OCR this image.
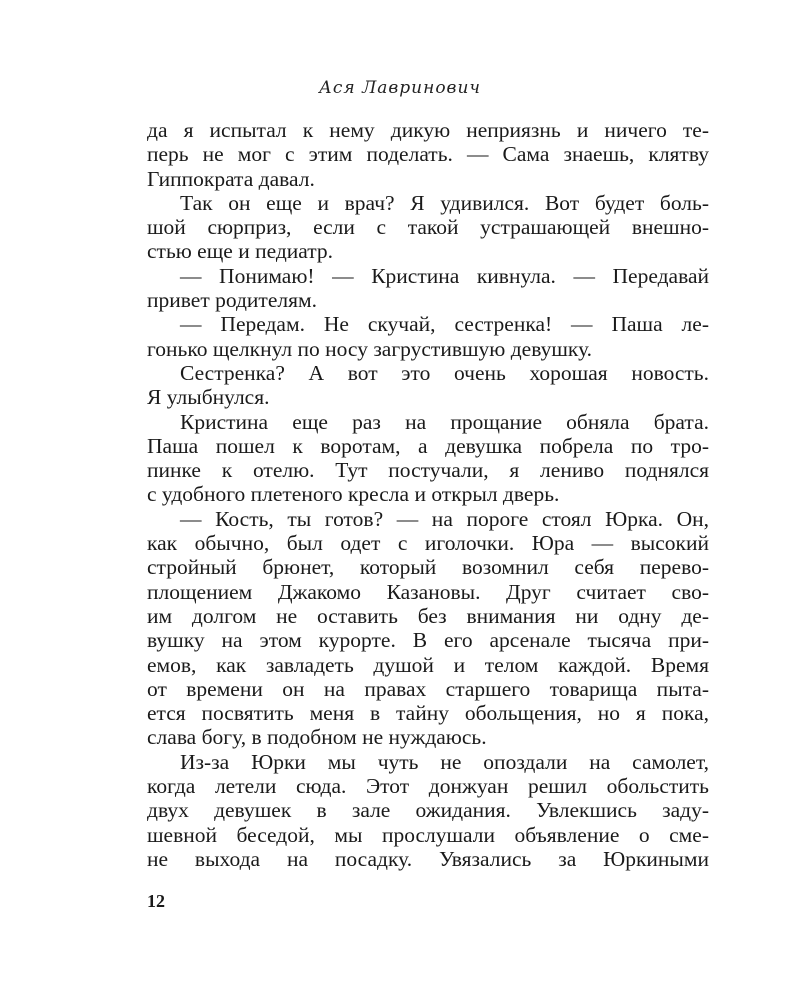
Ася Лавринович
да я испытал к нему дикую неприязнь и ничего те-
перь не мог с этим поделать. — Сама знаешь, клятву
Гиппократа давал.
Так он еще и врач? Я удивился. Вот будет боль-
шой сюрприз, если с такой устрашающей внешно-
стью еще и педиатр.
— Понимаю! — Кристина кивнула. — Передавай
привет родителям.
— Передам. Не скучай, сестренка! — Паша ле-
гонько щелкнул по носу загрустившую девушку.
Сестренка? А вот это очень хорошая новость.
Я улыбнулся.
Кристина еще раз на прощание обняла брата.
Паша пошел к воротам, а девушка побрела по тро-
пинке к отелю. Тут постучали, я лениво поднялся
с удобного плетеного кресла и открыл дверь.
— Кость, ты готов? — на пороге стоял Юрка. Он,
как обычно, был одет с иголочки. Юра — высокий
стройный брюнет, который возомнил себя перево-
площением Джакомо Казановы. Друг считает сво-
им долгом не оставить без внимания ни одну де-
вушку на этом курорте. В его арсенале тысяча при-
емов, как завладеть душой и телом каждой. Время
от времени он на правах старшего товарища пыта-
ется посвятить меня в тайну обольщения, но я пока,
слава богу, в подобном не нуждаюсь.
Из-за Юрки мы чуть не опоздали на самолет,
когда летели сюда. Этот донжуан решил обольстить
двух девушек в зале ожидания. Увлекшись заду-
шевной беседой, мы прослушали объявление о сме-
не выхода на посадку. Увязались за Юркиными
12
